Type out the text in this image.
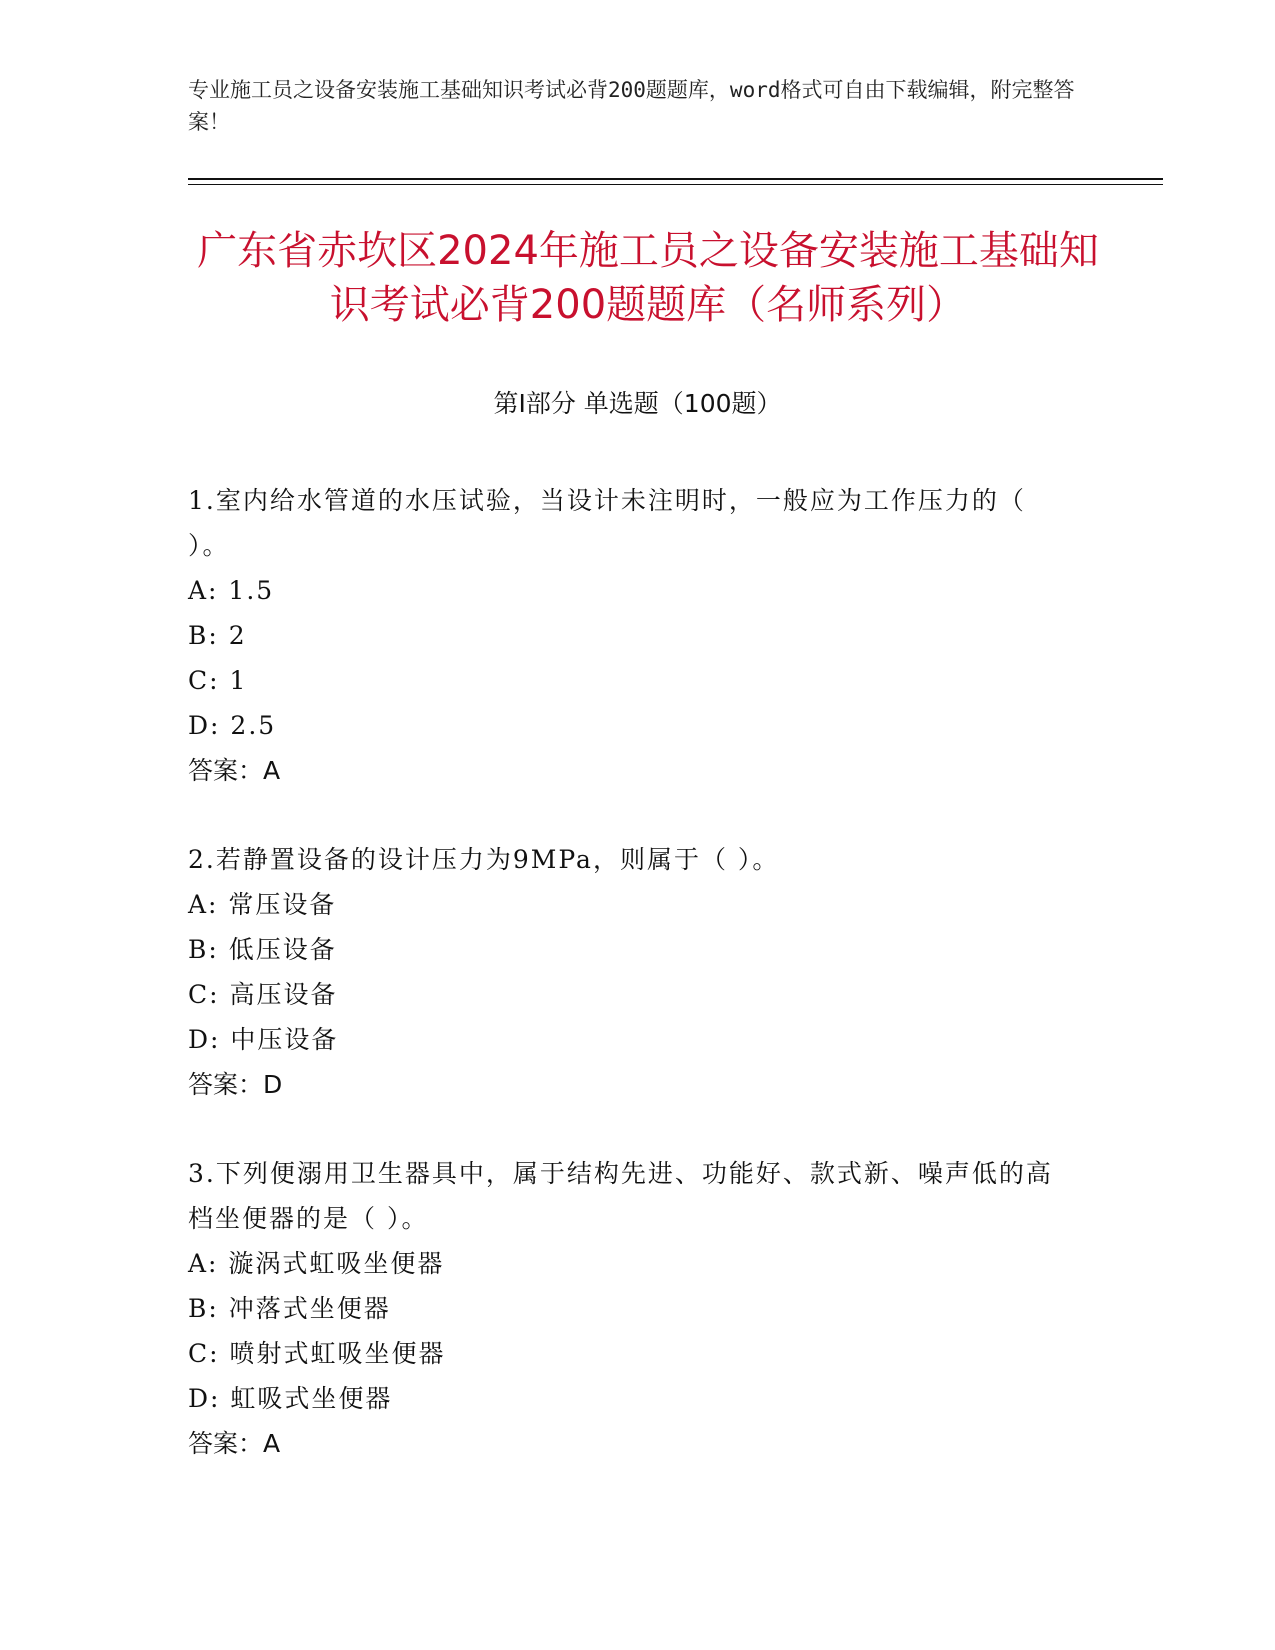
专业施工员之设备安装施工基础知识考试必背200题题库，word格式可自由下载编辑，附完整答案！
广东省赤坎区2024年施工员之设备安装施工基础知识考试必背200题题库（名师系列）
第Ⅰ部分 单选题（100题）
1.室内给水管道的水压试验，当设计未注明时，一般应为工作压力的（ ）。
A: 1.5
B: 2
C: 1
D: 2.5
答案：A
2.若静置设备的设计压力为9MPa，则属于（ ）。
A: 常压设备
B: 低压设备
C: 高压设备
D: 中压设备
答案：D
3.下列便溺用卫生器具中，属于结构先进、功能好、款式新、噪声低的高档坐便器的是（ ）。
A: 漩涡式虹吸坐便器
B: 冲落式坐便器
C: 喷射式虹吸坐便器
D: 虹吸式坐便器
答案：A
